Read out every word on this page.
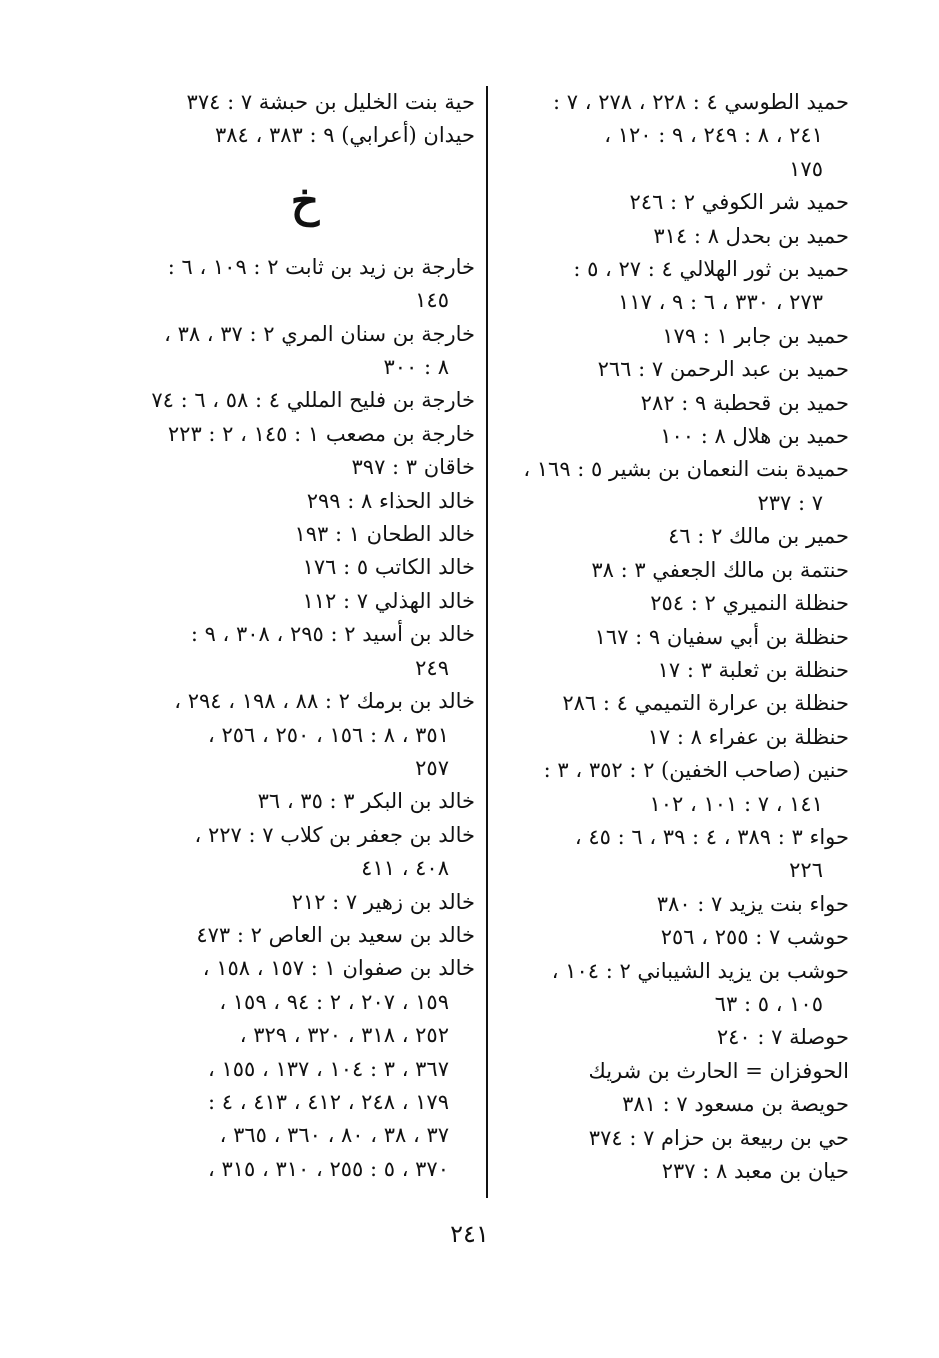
حميد الطوسي ٤ : ٢٢٨ ، ٢٧٨ ، ٧ :

٢٤١ ، ٨ : ٢٤٩ ، ٩ : ١٢٠ ،
١٧٥
حميد شر الكوفي ٢ : ٢٤٦
حميد بن بحدل ٨ : ٣١٤
حميد بن ثور الهلالي ٤ : ٢٧ ، ٥ :

٢٧٣ ، ٣٣٠ ، ٦ : ٩ ، ١١٧
حميد بن جابر ١ : ١٧٩
حميد بن عبد الرحمن ٧ : ٢٦٦
حميد بن قحطبة ٩ : ٢٨٢
حميد بن هلال ٨ : ١٠٠
حميدة بنت النعمان بن بشير ٥ : ١٦٩ ،

٧ : ٢٣٧
حمير بن مالك ٢ : ٤٦
حنتمة بن مالك الجعفي ٣ : ٣٨
حنظلة النميري ٢ : ٢٥٤
حنظلة بن أبي سفيان ٩ : ١٦٧
حنظلة بن ثعلبة ٣ : ١٧
حنظلة بن عرارة التميمي ٤ : ٢٨٦
حنظلة بن عفراء ٨ : ١٧
حنين (صاحب الخفين) ٢ : ٣٥٢ ، ٣ :

١٤١ ، ٧ : ١٠١ ، ١٠٢
حواء ٣ : ٣٨٩ ، ٤ : ٣٩ ، ٦ : ٤٥ ،

٢٢٦
حواء بنت يزيد ٧ : ٣٨٠
حوشب ٧ : ٢٥٥ ، ٢٥٦
حوشب بن يزيد الشيباني ٢ : ١٠٤ ،

١٠٥ ، ٥ : ٦٣
حوصلة ٧ : ٢٤٠
الحوفزان = الحارث بن شريك
حويصة بن مسعود ٧ : ٣٨١
حي بن ربيعة بن حزام ٧ : ٣٧٤
حيان بن معبد ٨ : ٢٣٧
حية بنت الخليل بن حبشة ٧ : ٣٧٤
حيدان (أعرابي) ٩ : ٣٨٣ ، ٣٨٤
خ
خارجة بن زيد بن ثابت ٢ : ١٠٩ ، ٦ :

١٤٥
خارجة بن سنان المري ٢ : ٣٧ ، ٣٨ ،

٨ : ٣٠٠
خارجة بن فليح المللي ٤ : ٥٨ ، ٦ : ٧٤
خارجة بن مصعب ١ : ١٤٥ ، ٢ : ٢٢٣
خاقان ٣ : ٣٩٧
خالد الحذاء ٨ : ٢٩٩
خالد الطحان ١ : ١٩٣
خالد الكاتب ٥ : ١٧٦
خالد الهذلي ٧ : ١١٢
خالد بن أسيد ٢ : ٢٩٥ ، ٣٠٨ ، ٩ :

٢٤٩
خالد بن برمك ٢ : ٨٨ ، ١٩٨ ، ٢٩٤ ،

٣٥١ ، ٨ : ١٥٦ ، ٢٥٠ ، ٢٥٦ ،
٢٥٧
خالد بن البكر ٣ : ٣٥ ، ٣٦
خالد بن جعفر بن كلاب ٧ : ٢٢٧ ،

٤٠٨ ، ٤١١
خالد بن زهير ٧ : ٢١٢
خالد بن سعيد بن العاص ٢ : ٤٧٣
خالد بن صفوان ١ : ١٥٧ ، ١٥٨ ،

١٥٩ ، ٢٠٧ ، ٢ : ٩٤ ، ١٥٩ ،
٢٥٢ ، ٣١٨ ، ٣٢٠ ، ٣٢٩ ،
٣٦٧ ، ٣ : ١٠٤ ، ١٣٧ ، ١٥٥ ،
١٧٩ ، ٢٤٨ ، ٤١٢ ، ٤١٣ ، ٤ :
٣٧ ، ٣٨ ، ٨٠ ، ٣٦٠ ، ٣٦٥ ،
٣٧٠ ، ٥ : ٢٥٥ ، ٣١٠ ، ٣١٥ ،
٢٤١
